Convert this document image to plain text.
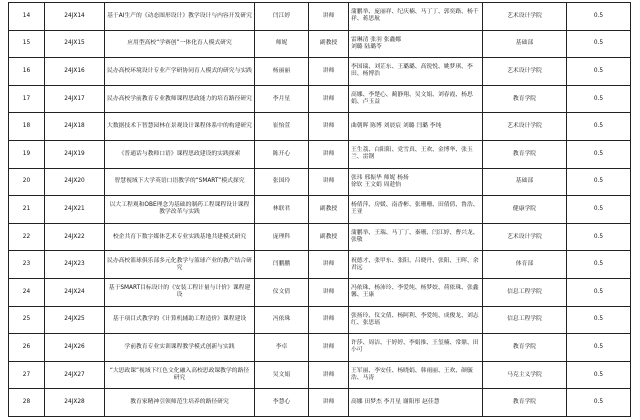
14	24JX14	基于AI生产的《动态图形设计》教学设计与内容开发研究	闫江婷	讲师	蒲鹏举、庞丽祥、纪庆楠、马丁丁、郭奕路、杨千祥、蒋思航	艺术设计学院	0.5
15	24JX15	应用型高校“学赛创”一体化育人模式研究	师妮	副教授	雷琳清 张羽 张鑫娜
刘璐 陆璐苓	基础部	0.5
16	24JX16	民办高校环境设计专业产学研协同育人模式的研究与实践	杨丽丽	讲师	李国瑞、刘芷东、王璐璐、高锐悦、姚梦琪、李田、杨博浩	艺术设计学院	0.5
17	24JX17	民办高校学前教育专业教师课程思政能力的培育路径研究	李月星	讲师	高娜、李楚心、蔺静翔、吴文娟、刘春霞、杨思娟、卢玉益	教育学院	0.5
18	24JX18	大数据技术下智慧园林在景观设计课程体系中的构建研究	崔怡萱	讲师	曲朝晖 陈博 刘晨宸 刘璐 闫璐 李纯	艺术设计学院	0.5
19	24JX19	《普通话与教师口语》课程思政建设的实践探索	陈开心	讲师	王生荔、白阳阳、党雪真、王欢、金博华、张玉兰、雷钢	教育学院	0.5
20	24JX20	智慧视域下大学英语口语教学的“SMART”模式探究	张国玲	讲师	张玮 邢振华 师妮 杨扬
徐钦 王文娟 周趁怡	基础部	0.5
21	24JX21	以大工程观和OBE理念为基础的制药工程课程设计课程教学改革与实践	林联君	副教授	杨倩萍、房媛、南香彬、张珊珊、田倩倩、鲁浩、王亚	健康学院	0.5
22	24JX22	校企共育下数字媒体艺术专业实践基地共建模式研究	庞理科	副教授	蒲鹏举、王瑞、马丁丁、秦珊、闫江婷、曹兴龙、张敬	艺术设计学院	0.5
23	24JX23	民办高校篮球俱乐部多元化教学与篮球产业的教产结合研究	闫鹏鹏	讲师	祝德才、张甲东、张阳、吕晓丹、张阳、王晖、余君远	体育部	0.5
24	24JX24	基于SMART目标设计的《安装工程计量与计价》课程建设	仪文倩	讲师	冯依珠、杨沛玲、李爱纯、杨梦姣、荷依珠、张鑫馨、王康	信息工程学院	0.5
25	24JX25	基于项目式教学的《计算机辅助工程造价》课程建设	冯依珠	讲师	张扬玲、仪文倩、杨阿利、李爱纯、成俊龙、刘志红、张思瑶	信息工程学院	0.5
26	24JX26	学前教育专业实训课程教学模式创新与实践	李卓	讲师	许莎、周洁、于婷婷、李娟推、王玺楠、常鼎、田小可	教育学院	0.5
27	24JX27	“大思政课”视域下红色文化融入高校思政课教学的路径研究	吴文娟	讲师	王军丽、李安佳、杨晓娟、韩雨丽、王欢、颜毓浩、马涛	马克主义学院	0.5
28	24JX28	教育家精神引领师范生培养的路径研究	李慧心	讲师	高娜 田梦杰 李月星 谢阳彤 赵佳慧	教育学院	0.5
